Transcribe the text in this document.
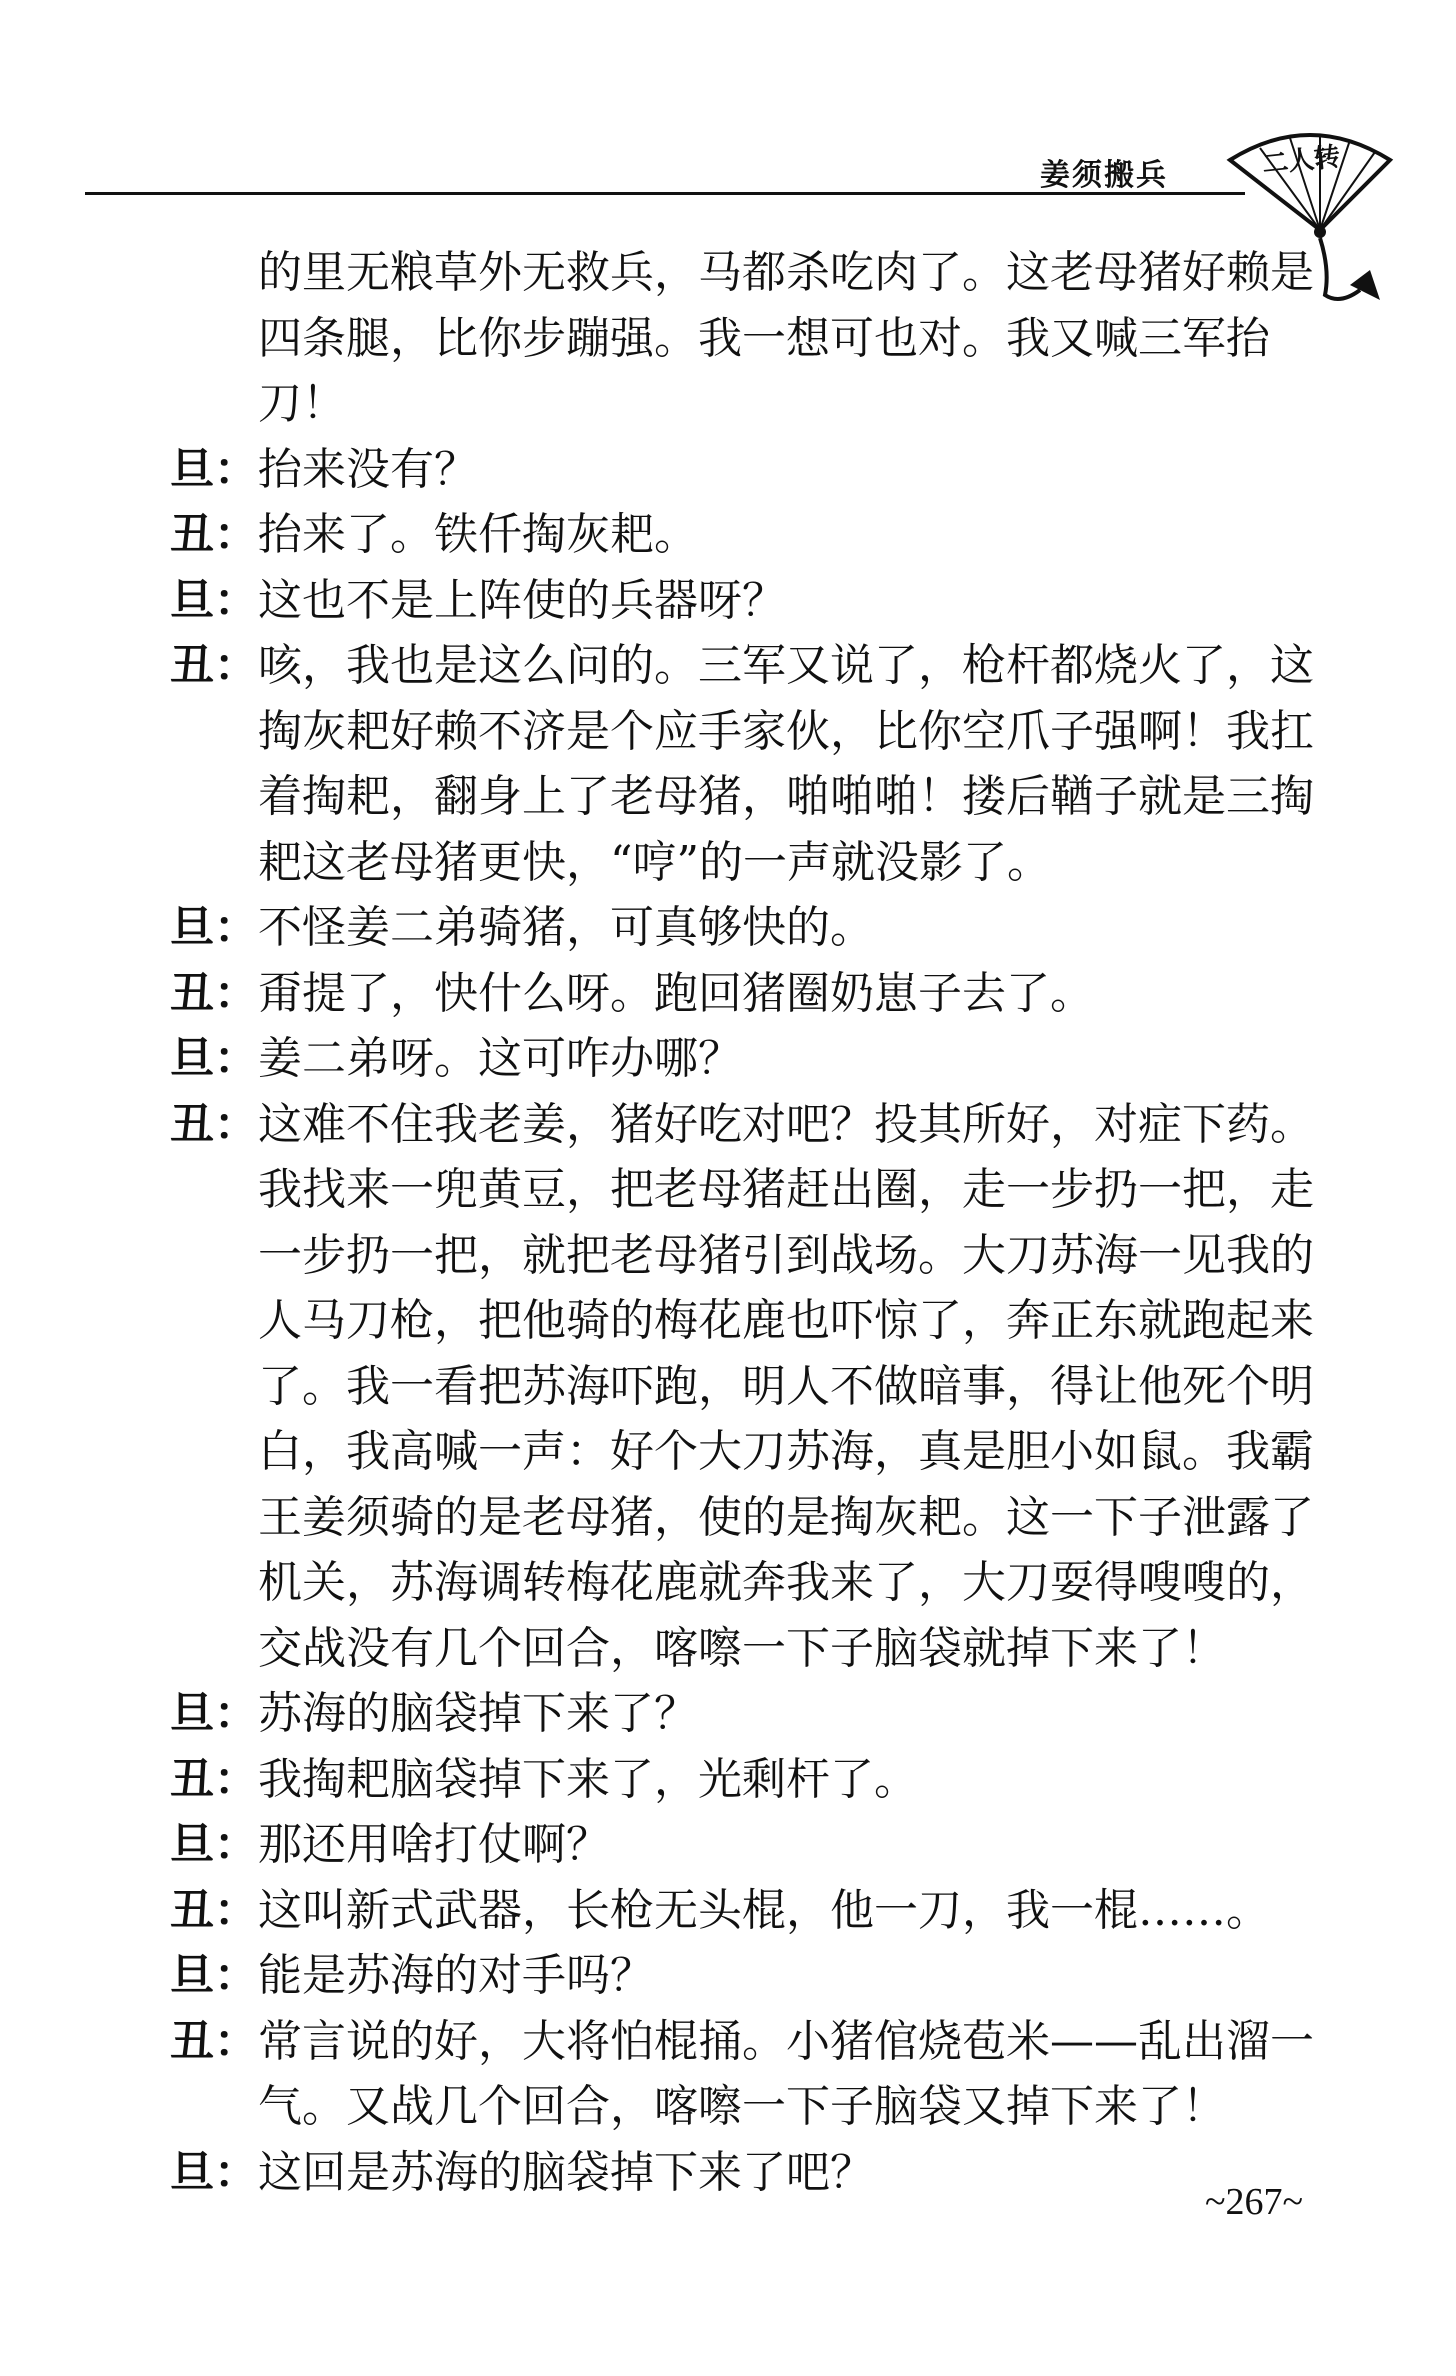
姜须搬兵	二人转

的里无粮草外无救兵，马都杀吃肉了。这老母猪好赖是四条腿，比你步蹦强。我一想可也对。我又喊三军抬刀！

旦： 抬来没有？

丑： 抬来了。铁仟掏灰耙。

旦： 这也不是上阵使的兵器呀？

丑： 咳，我也是这么问的。三军又说了，枪杆都烧火了，这掏灰耙好赖不济是个应手家伙，比你空爪子强啊！我扛着掏耙，翻身上了老母猪，啪啪啪！搂后鞧子就是三掏耙这老母猪更快，“哼”的一声就没影了。

旦： 不怪姜二弟骑猪，可真够快的。

丑： 甭提了，快什么呀。跑回猪圈奶崽子去了。

旦： 姜二弟呀。这可咋办哪？

丑： 这难不住我老姜，猪好吃对吧？投其所好，对症下药。我找来一兜黄豆，把老母猪赶出圈，走一步扔一把，走一步扔一把，就把老母猪引到战场。大刀苏海一见我的人马刀枪，把他骑的梅花鹿也吓惊了，奔正东就跑起来了。我一看把苏海吓跑，明人不做暗事，得让他死个明白，我高喊一声：好个大刀苏海，真是胆小如鼠。我霸王姜须骑的是老母猪，使的是掏灰耙。这一下子泄露了机关，苏海调转梅花鹿就奔我来了，大刀耍得嗖嗖的，交战没有几个回合，喀嚓一下子脑袋就掉下来了！

旦： 苏海的脑袋掉下来了？

丑： 我掏耙脑袋掉下来了，光剩杆了。

旦： 那还用啥打仗啊？

丑： 这叫新式武器，长枪无头棍，他一刀，我一棍……。

旦： 能是苏海的对手吗？

丑： 常言说的好，大将怕棍捅。小猪倌烧苞米——乱出溜一气。又战几个回合，喀嚓一下子脑袋又掉下来了！

旦： 这回是苏海的脑袋掉下来了吧？

~267~
